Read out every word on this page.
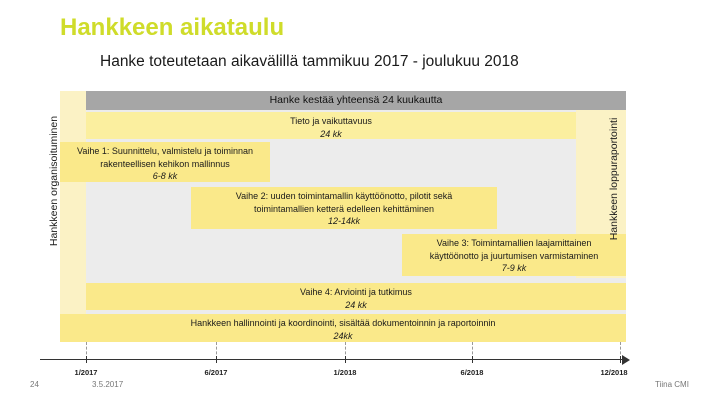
Hankkeen aikataulu
Hanke toteutetaan aikavälillä tammikuu 2017 - joulukuu 2018
Hanke kestää yhteensä 24 kuukautta
Tieto ja vaikuttavuus
24 kk
Vaihe 1: Suunnittelu, valmistelu ja toiminnan
rakenteellisen kehikon mallinnus
6-8 kk
Vaihe 2: uuden toimintamallin käyttöönotto, pilotit sekä
toimintamallien ketterä edelleen kehittäminen
12-14kk
Vaihe 3: Toimintamallien laajamittainen
käyttöönotto ja juurtumisen varmistaminen
7-9 kk
Vaihe 4: Arviointi ja tutkimus
24 kk
Hankkeen hallinnointi ja koordinointi, sisältää dokumentoinnin ja raportoinnin
24kk
Hankkeen organisoituminen	Hankkeen loppuraportointi
1/2017	6/2017	1/2018	6/2018	12/2018
24	3.5.2017	Tiina CMI
